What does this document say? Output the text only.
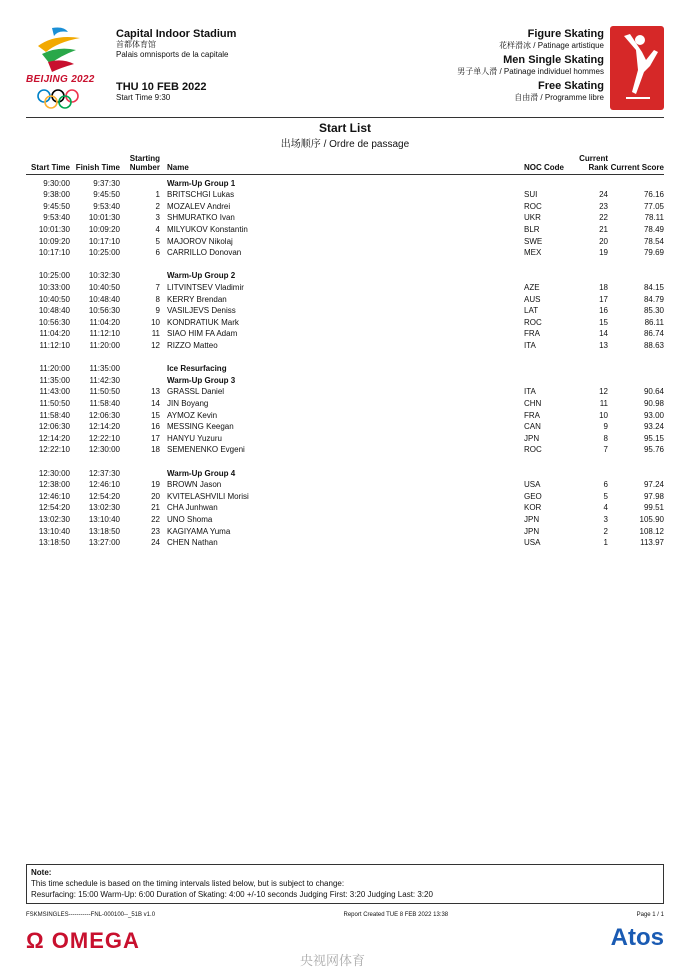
BEIJING 2022
Capital Indoor Stadium
首都体育馆
Palais omnisports de la capitale
THU 10 FEB 2022
Start Time 9:30
Figure Skating
花样滑冰 / Patinage artistique
Men Single Skating
男子单人滑 / Patinage individuel hommes
Free Skating
自由滑 / Programme libre
Start List
出场顺序 / Ordre de passage
Start Time	Finish Time	Starting Number	Name	NOC Code	Current Rank	Current Score
9:30:00	9:37:30		Warm-Up Group 1			
9:38:00	9:45:50	1	BRITSCHGI Lukas	SUI	24	76.16
9:45:50	9:53:40	2	MOZALEV Andrei	ROC	23	77.05
9:53:40	10:01:30	3	SHMURATKO Ivan	UKR	22	78.11
10:01:30	10:09:20	4	MILYUKOV Konstantin	BLR	21	78.49
10:09:20	10:17:10	5	MAJOROV Nikolaj	SWE	20	78.54
10:17:10	10:25:00	6	CARRILLO Donovan	MEX	19	79.69

10:25:00	10:32:30		Warm-Up Group 2			
10:33:00	10:40:50	7	LITVINTSEV Vladimir	AZE	18	84.15
10:40:50	10:48:40	8	KERRY Brendan	AUS	17	84.79
10:48:40	10:56:30	9	VASILJEVS Deniss	LAT	16	85.30
10:56:30	11:04:20	10	KONDRATIUK Mark	ROC	15	86.11
11:04:20	11:12:10	11	SIAO HIM FA Adam	FRA	14	86.74
11:12:10	11:20:00	12	RIZZO Matteo	ITA	13	88.63

11:20:00	11:35:00		Ice Resurfacing			
11:35:00	11:42:30		Warm-Up Group 3			
11:43:00	11:50:50	13	GRASSL Daniel	ITA	12	90.64
11:50:50	11:58:40	14	JIN Boyang	CHN	11	90.98
11:58:40	12:06:30	15	AYMOZ Kevin	FRA	10	93.00
12:06:30	12:14:20	16	MESSING Keegan	CAN	9	93.24
12:14:20	12:22:10	17	HANYU Yuzuru	JPN	8	95.15
12:22:10	12:30:00	18	SEMENENKO Evgeni	ROC	7	95.76

12:30:00	12:37:30		Warm-Up Group 4			
12:38:00	12:46:10	19	BROWN Jason	USA	6	97.24
12:46:10	12:54:20	20	KVITELASHVILI Morisi	GEO	5	97.98
12:54:20	13:02:30	21	CHA Junhwan	KOR	4	99.51
13:02:30	13:10:40	22	UNO Shoma	JPN	3	105.90
13:10:40	13:18:50	23	KAGIYAMA Yuma	JPN	2	108.12
13:18:50	13:27:00	24	CHEN Nathan	USA	1	113.97
Note:
This time schedule is based on the timing intervals listed below, but is subject to change:
Resurfacing: 15:00 Warm-Up: 6:00 Duration of Skating: 4:00 +/-10 seconds Judging First: 3:20 Judging Last: 3:20
FSKMSINGLES-----------FNL-000100--_51B v1.0	Report Created TUE 8 FEB 2022 13:38	Page 1 / 1
Ω OMEGA	Atos
央视网体育
